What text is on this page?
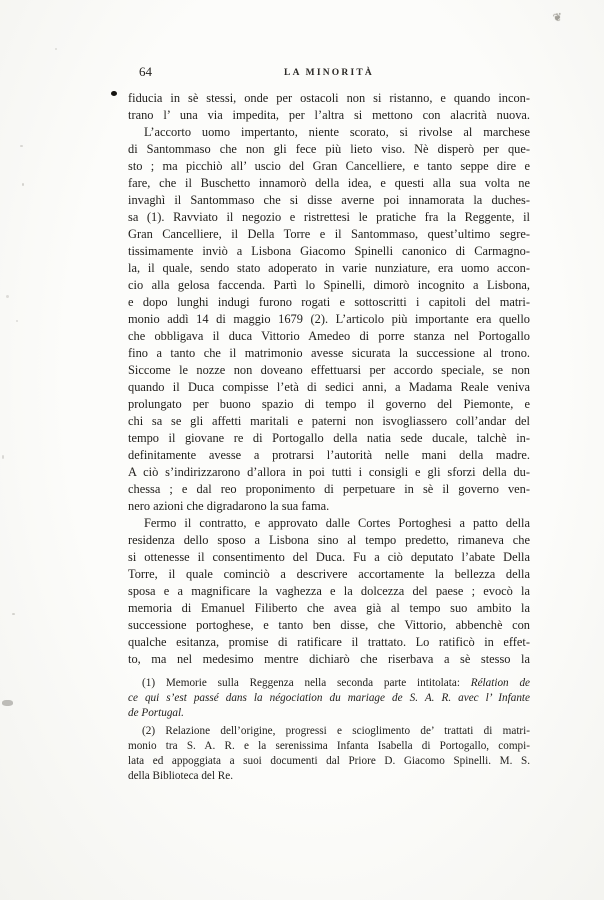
❦
64	LA MINORITÀ
fiducia in sè stessi, onde per ostacoli non si ristanno, e quando incon-
trano l’ una via impedita, per l’altra si mettono con alacrità nuova.
L’accorto uomo impertanto, niente scorato, si rivolse al marchese
di Santommaso che non gli fece più lieto viso. Nè disperò per que-
sto ; ma picchiò all’ uscio del Gran Cancelliere, e tanto seppe dire e
fare, che il Buschetto innamorò della idea, e questi alla sua volta ne
invaghì il Santommaso che si disse averne poi innamorata la duches-
sa (1). Ravviato il negozio e ristrettesi le pratiche fra la Reggente, il
Gran Cancelliere, il Della Torre e il Santommaso, quest’ultimo segre-
tissimamente inviò a Lisbona Giacomo Spinelli canonico di Carmagno-
la, il quale, sendo stato adoperato in varie nunziature, era uomo accon-
cio alla gelosa faccenda. Partì lo Spinelli, dimorò incognito a Lisbona,
e dopo lunghi indugi furono rogati e sottoscritti i capitoli del matri-
monio addì 14 di maggio 1679 (2). L’articolo più importante era quello
che obbligava il duca Vittorio Amedeo di porre stanza nel Portogallo
fino a tanto che il matrimonio avesse sicurata la successione al trono.
Siccome le nozze non doveano effettuarsi per accordo speciale, se non
quando il Duca compisse l’età di sedici anni, a Madama Reale veniva
prolungato per buono spazio di tempo il governo del Piemonte, e
chi sa se gli affetti maritali e paterni non isvogliassero coll’andar del
tempo il giovane re di Portogallo della natia sede ducale, talchè in-
definitamente avesse a protrarsi l’autorità nelle mani della madre.
A ciò s’indirizzarono d’allora in poi tutti i consigli e gli sforzi della du-
chessa ; e dal reo proponimento di perpetuare in sè il governo ven-
nero azioni che digradarono la sua fama.
Fermo il contratto, e approvato dalle Cortes Portoghesi a patto della
residenza dello sposo a Lisbona sino al tempo predetto, rimaneva che
si ottenesse il consentimento del Duca. Fu a ciò deputato l’abate Della
Torre, il quale cominciò a descrivere accortamente la bellezza della
sposa e a magnificare la vaghezza e la dolcezza del paese ; evocò la
memoria di Emanuel Filiberto che avea già al tempo suo ambito la
successione portoghese, e tanto ben disse, che Vittorio, abbenchè con
qualche esitanza, promise di ratificare il trattato. Lo ratificò in effet-
to, ma nel medesimo mentre dichiarò che riserbava a sè stesso la
(1) Memorie sulla Reggenza nella seconda parte intitolata: Rélation de
ce qui s’est passé dans la négociation du mariage de S. A. R. avec l’ Infante
de Portugal.
(2) Relazione dell’origine, progressi e scioglimento de’ trattati di matri-
monio tra S. A. R. e la serenissima Infanta Isabella di Portogallo, compi-
lata ed appoggiata a suoi documenti dal Priore D. Giacomo Spinelli. M. S.
della Biblioteca del Re.
